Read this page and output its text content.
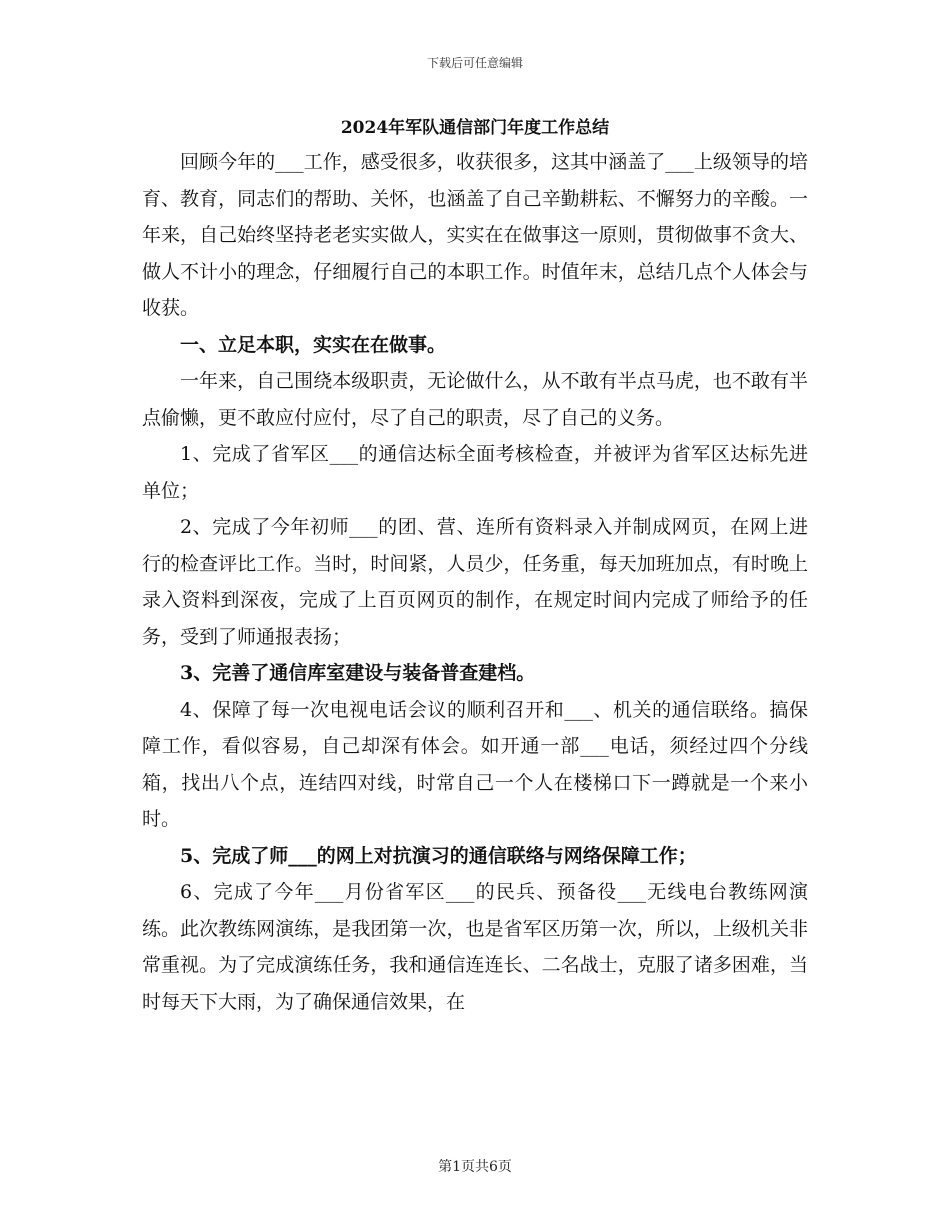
下载后可任意编辑
2024年军队通信部门年度工作总结

回顾今年的___工作，感受很多，收获很多，这其中涵盖了___上级领导的培育、教育，同志们的帮助、关怀，也涵盖了自己辛勤耕耘、不懈努力的辛酸。一年来，自己始终坚持老老实实做人，实实在在做事这一原则，贯彻做事不贪大、做人不计小的理念，仔细履行自己的本职工作。时值年末，总结几点个人体会与收获。

一、立足本职，实实在在做事。

一年来，自己围绕本级职责，无论做什么，从不敢有半点马虎，也不敢有半点偷懒，更不敢应付应付，尽了自己的职责，尽了自己的义务。

1、完成了省军区___的通信达标全面考核检查，并被评为省军区达标先进单位；

2、完成了今年初师___的团、营、连所有资料录入并制成网页，在网上进行的检查评比工作。当时，时间紧，人员少，任务重，每天加班加点，有时晚上录入资料到深夜，完成了上百页网页的制作，在规定时间内完成了师给予的任务，受到了师通报表扬；

3、完善了通信库室建设与装备普查建档。

4、保障了每一次电视电话会议的顺利召开和___、机关的通信联络。搞保障工作，看似容易，自己却深有体会。如开通一部___电话，须经过四个分线箱，找出八个点，连结四对线，时常自己一个人在楼梯口下一蹲就是一个来小时。

5、完成了师___的网上对抗演习的通信联络与网络保障工作；

6、完成了今年___月份省军区___的民兵、预备役___无线电台教练网演练。此次教练网演练，是我团第一次，也是省军区历第一次，所以，上级机关非常重视。为了完成演练任务，我和通信连连长、二名战士，克服了诸多困难，当时每天下大雨，为了确保通信效果，在

第1页共6页
